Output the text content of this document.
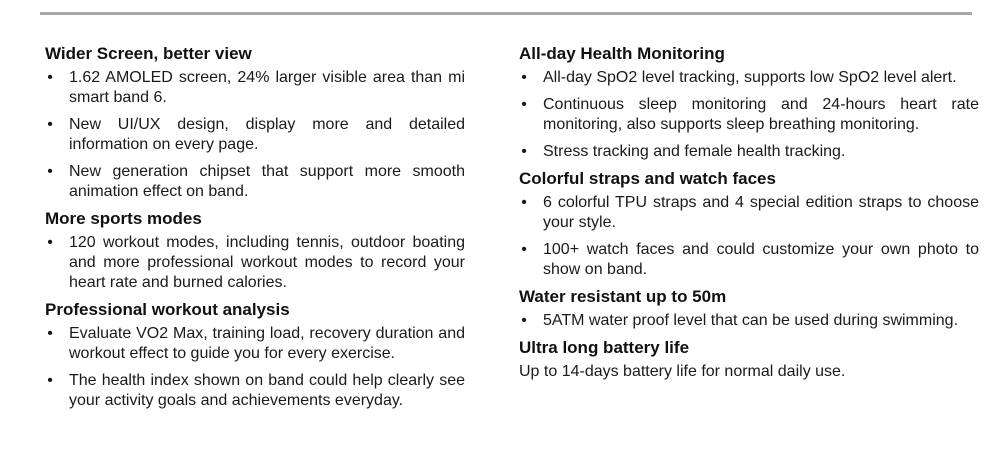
Wider Screen, better view
• 1.62 AMOLED screen, 24% larger visible area than mi smart band 6.
• New UI/UX design, display more and detailed information on every page.
• New generation chipset that support more smooth animation effect on band.
More sports modes
• 120 workout modes, including tennis, outdoor boating and more professional workout modes to record your heart rate and burned calories.
Professional workout analysis
• Evaluate VO2 Max, training load, recovery duration and workout effect to guide you for every exercise.
• The health index shown on band could help clearly see your activity goals and achievements everyday.
All-day Health Monitoring
• All-day SpO2 level tracking, supports low SpO2 level alert.
• Continuous sleep monitoring and 24-hours heart rate monitoring, also supports sleep breathing monitoring.
• Stress tracking and female health tracking.
Colorful straps and watch faces
• 6 colorful TPU straps and 4 special edition straps to choose your style.
• 100+ watch faces and could customize your own photo to show on band.
Water resistant up to 50m
• 5ATM water proof level that can be used during swimming.
Ultra long battery life
Up to 14-days battery life for normal daily use.
